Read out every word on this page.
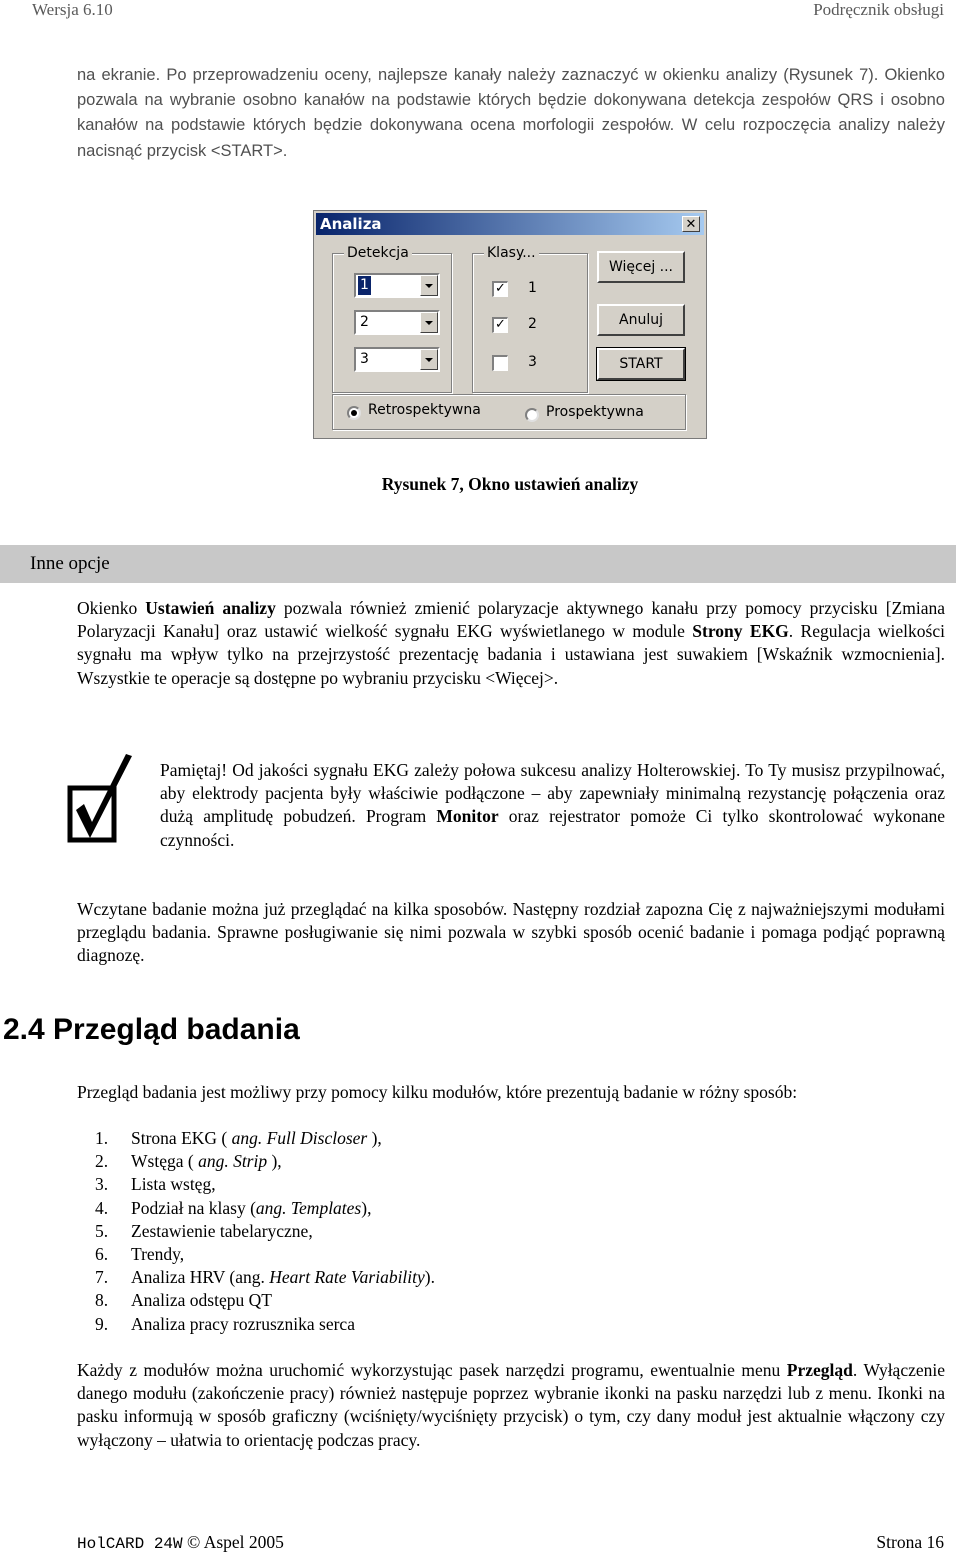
Wersja 6.10	Podręcznik obsługi
na ekranie. Po przeprowadzeniu oceny, najlepsze kanały należy zaznaczyć w okienku analizy (Rysunek 7). Okienko pozwala na wybranie osobno kanałów na podstawie których będzie dokonywana detekcja zespołów QRS i osobno kanałów na podstawie których będzie dokonywana ocena morfologii zespołów. W celu rozpoczęcia analizy należy nacisnąć przycisk <START>.
Analiza	✕
Detekcja
1
2
3
Klasy...
✓ 1
✓ 2
3
Więcej ...
Anuluj
START
Retrospektywna	Prospektywna
Rysunek 7, Okno ustawień analizy
Inne opcje
Okienko Ustawień analizy pozwala również zmienić polaryzacje aktywnego kanału przy pomocy przycisku [Zmiana Polaryzacji Kanału] oraz ustawić wielkość sygnału EKG wyświetlanego w module Strony EKG. Regulacja wielkości sygnału ma wpływ tylko na przejrzystość prezentację badania i ustawiana jest suwakiem [Wskaźnik wzmocnienia]. Wszystkie te operacje są dostępne po wybraniu przycisku <Więcej>.
Pamiętaj! Od jakości sygnału EKG zależy połowa sukcesu analizy Holterowskiej. To Ty musisz przypilnować, aby elektrody pacjenta były właściwie podłączone – aby zapewniały minimalną rezystancję połączenia oraz dużą amplitudę pobudzeń. Program Monitor oraz rejestrator pomoże Ci tylko skontrolować wykonane czynności.
Wczytane badanie można już przeglądać na kilka sposobów. Następny rozdział zapozna Cię z najważniejszymi modułami przeglądu badania. Sprawne posługiwanie się nimi pozwala w szybki sposób ocenić badanie i pomaga podjąć poprawną diagnozę.
2.4 Przegląd badania
Przegląd badania jest możliwy przy pomocy kilku modułów, które prezentują badanie w różny sposób:
1.	Strona EKG ( ang. Full Discloser ),
2.	Wstęga ( ang. Strip ),
3.	Lista wstęg,
4.	Podział na klasy (ang. Templates),
5.	Zestawienie tabelaryczne,
6.	Trendy,
7.	Analiza HRV (ang. Heart Rate Variability).
8.	Analiza odstępu QT
9.	Analiza pracy rozrusznika serca
Każdy z modułów można uruchomić wykorzystując pasek narzędzi programu, ewentualnie menu Przegląd. Wyłączenie danego modułu (zakończenie pracy) również następuje poprzez wybranie ikonki na pasku narzędzi lub z menu. Ikonki na pasku informują w sposób graficzny (wciśnięty/wyciśnięty przycisk) o tym, czy dany moduł jest aktualnie włączony czy wyłączony – ułatwia to orientację podczas pracy.
HolCARD 24W © Aspel 2005	Strona 16
